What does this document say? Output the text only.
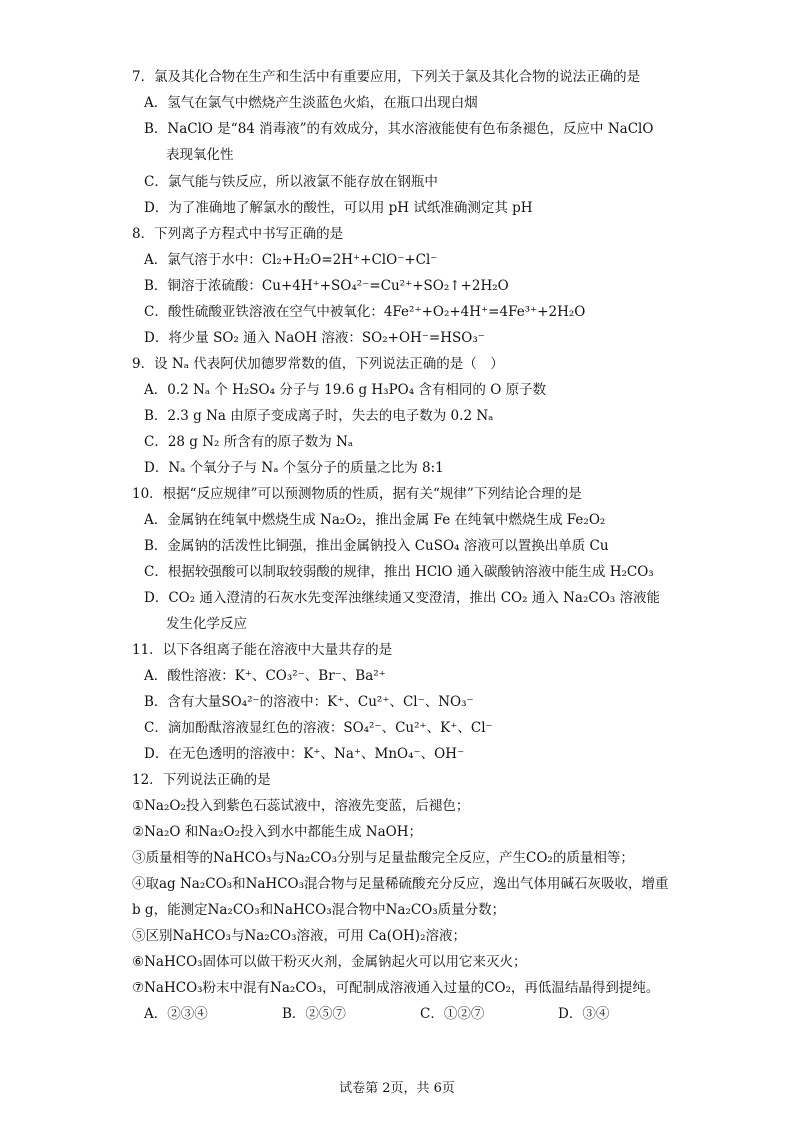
7．氯及其化合物在生产和生活中有重要应用，下列关于氯及其化合物的说法正确的是
A．氢气在氯气中燃烧产生淡蓝色火焰，在瓶口出现白烟
B．NaClO 是“84 消毒液”的有效成分，其水溶液能使有色布条褪色，反应中 NaClO
表现氧化性
C．氯气能与铁反应，所以液氯不能存放在钢瓶中
D．为了准确地了解氯水的酸性，可以用 pH 试纸准确测定其 pH
8．下列离子方程式中书写正确的是
A．氯气溶于水中：Cl₂+H₂O=2H⁺+ClO⁻+Cl⁻
B．铜溶于浓硫酸：Cu+4H⁺+SO₄²⁻=Cu²⁺+SO₂↑+2H₂O
C．酸性硫酸亚铁溶液在空气中被氧化：4Fe²⁺+O₂+4H⁺=4Fe³⁺+2H₂O
D．将少量 SO₂ 通入 NaOH 溶液：SO₂+OH⁻=HSO₃⁻
9．设 Nₐ 代表阿伏加德罗常数的值，下列说法正确的是（　）
A．0.2 Nₐ 个 H₂SO₄ 分子与 19.6 g H₃PO₄ 含有相同的 O 原子数
B．2.3 g Na 由原子变成离子时，失去的电子数为 0.2 Nₐ
C．28 g N₂ 所含有的原子数为 Nₐ
D．Nₐ 个氧分子与 Nₐ 个氢分子的质量之比为 8:1
10．根据“反应规律”可以预测物质的性质，据有关“规律”下列结论合理的是
A．金属钠在纯氧中燃烧生成 Na₂O₂，推出金属 Fe 在纯氧中燃烧生成 Fe₂O₂
B．金属钠的活泼性比铜强，推出金属钠投入 CuSO₄ 溶液可以置换出单质 Cu
C．根据较强酸可以制取较弱酸的规律，推出 HClO 通入碳酸钠溶液中能生成 H₂CO₃
D．CO₂ 通入澄清的石灰水先变浑浊继续通又变澄清，推出 CO₂ 通入 Na₂CO₃ 溶液能
发生化学反应
11．以下各组离子能在溶液中大量共存的是
A．酸性溶液：K⁺、CO₃²⁻、Br⁻、Ba²⁺
B．含有大量SO₄²⁻的溶液中：K⁺、Cu²⁺、Cl⁻、NO₃⁻
C．滴加酚酞溶液显红色的溶液：SO₄²⁻、Cu²⁺、K⁺、Cl⁻
D．在无色透明的溶液中：K⁺、Na⁺、MnO₄⁻、OH⁻
12．下列说法正确的是
①Na₂O₂投入到紫色石蕊试液中，溶液先变蓝，后褪色；
②Na₂O 和Na₂O₂投入到水中都能生成 NaOH；
③质量相等的NaHCO₃与Na₂CO₃分别与足量盐酸完全反应，产生CO₂的质量相等；
④取ag Na₂CO₃和NaHCO₃混合物与足量稀硫酸充分反应，逸出气体用碱石灰吸收，增重
b g，能测定Na₂CO₃和NaHCO₃混合物中Na₂CO₃质量分数；
⑤区别NaHCO₃与Na₂CO₃溶液，可用 Ca(OH)₂溶液；
⑥NaHCO₃固体可以做干粉灭火剂，金属钠起火可以用它来灭火；
⑦NaHCO₃粉末中混有Na₂CO₃，可配制成溶液通入过量的CO₂，再低温结晶得到提纯。
A．②③④	B．②⑤⑦	C．①②⑦	D．③④
试卷第 2页，共 6页
